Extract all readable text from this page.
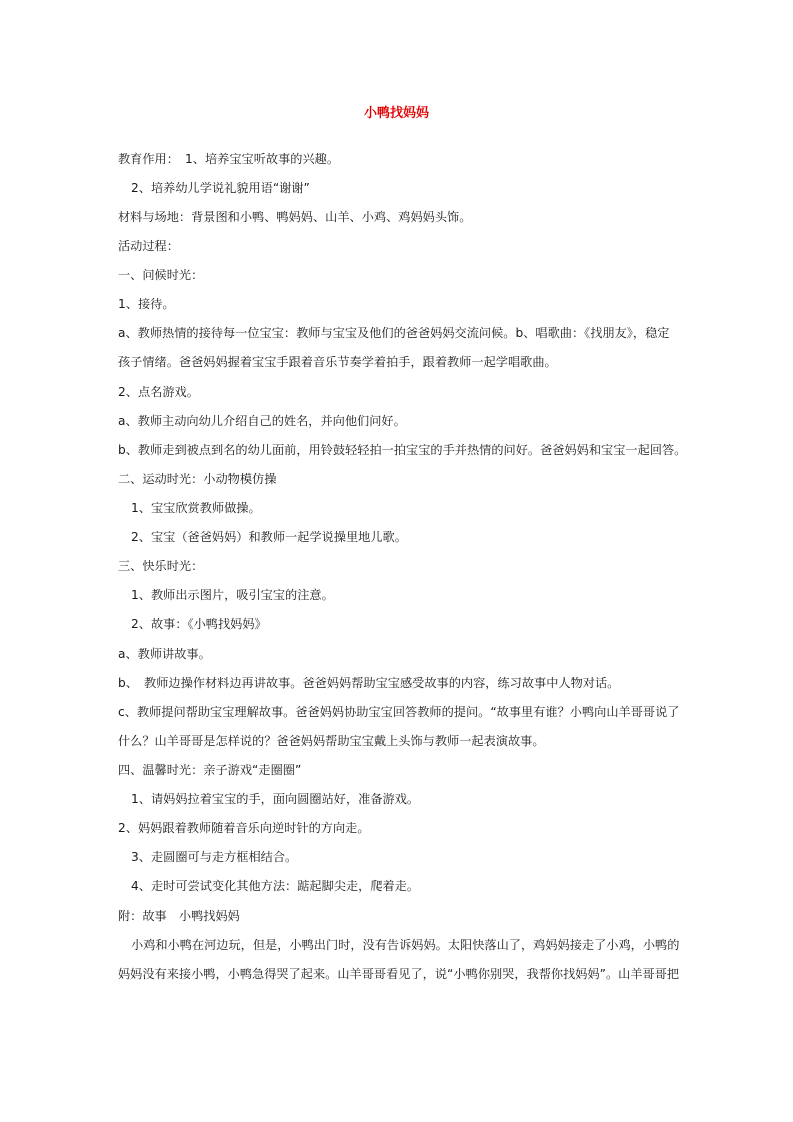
小鸭找妈妈
教育作用：　1、培养宝宝听故事的兴趣。
2、培养幼儿学说礼貌用语“谢谢”
材料与场地：背景图和小鸭、鸭妈妈、山羊、小鸡、鸡妈妈头饰。
活动过程：
一、问候时光：
1、接待。
a、教师热情的接待每一位宝宝：教师与宝宝及他们的爸爸妈妈交流问候。b、唱歌曲：《找朋友》，稳定
孩子情绪。爸爸妈妈握着宝宝手跟着音乐节奏学着拍手，跟着教师一起学唱歌曲。
2、点名游戏。
a、教师主动向幼儿介绍自己的姓名，并向他们问好。
b、教师走到被点到名的幼儿面前，用铃鼓轻轻拍一拍宝宝的手并热情的问好。爸爸妈妈和宝宝一起回答。
二、运动时光：小动物模仿操
1、宝宝欣赏教师做操。
2、宝宝（爸爸妈妈）和教师一起学说操里地儿歌。
三、快乐时光：
1、教师出示图片，吸引宝宝的注意。
2、故事：《小鸭找妈妈》
a、教师讲故事。
b、　教师边操作材料边再讲故事。爸爸妈妈帮助宝宝感受故事的内容，练习故事中人物对话。
c、教师提问帮助宝宝理解故事。爸爸妈妈协助宝宝回答教师的提问。“故事里有谁？小鸭向山羊哥哥说了
什么？山羊哥哥是怎样说的？爸爸妈妈帮助宝宝戴上头饰与教师一起表演故事。
四、温馨时光：亲子游戏“走圈圈”
1、请妈妈拉着宝宝的手，面向圆圈站好，准备游戏。
2、妈妈跟着教师随着音乐向逆时针的方向走。
3、走圆圈可与走方框相结合。
4、走时可尝试变化其他方法：踮起脚尖走，爬着走。
附：故事　小鸭找妈妈
小鸡和小鸭在河边玩，但是，小鸭出门时，没有告诉妈妈。太阳快落山了，鸡妈妈接走了小鸡，小鸭的
妈妈没有来接小鸭，小鸭急得哭了起来。山羊哥哥看见了，说“小鸭你别哭，我帮你找妈妈”。山羊哥哥把
